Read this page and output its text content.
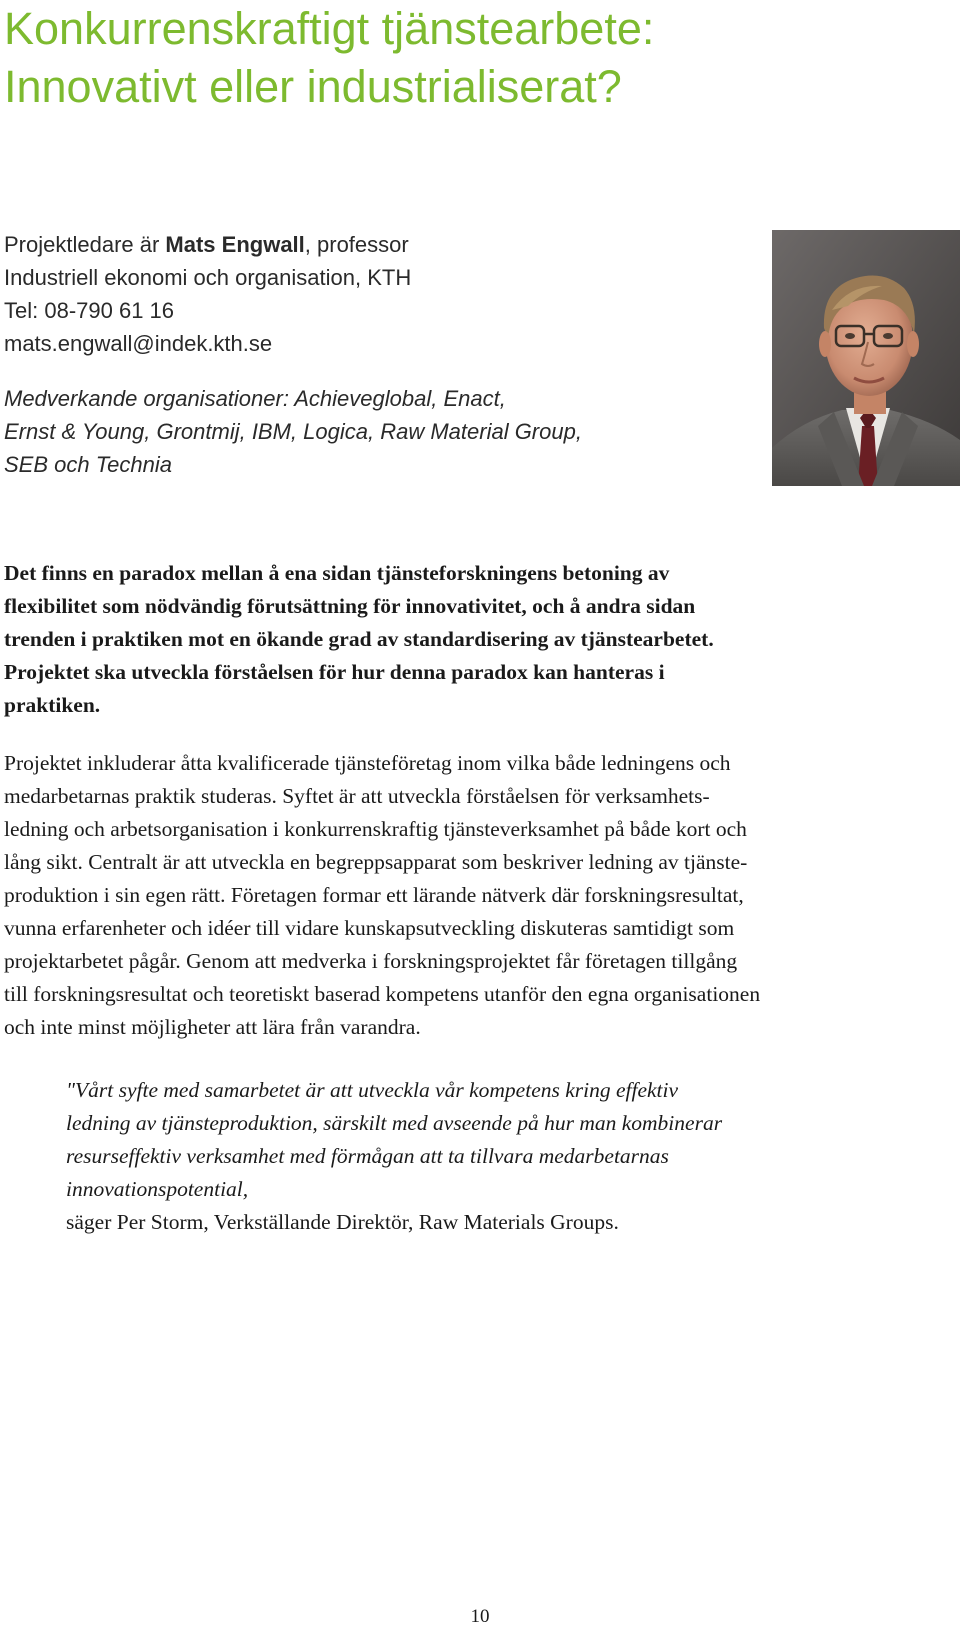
Konkurrenskraftigt tjänstearbete:
Innovativt eller industrialiserat?
Projektledare är Mats Engwall, professor
Industriell ekonomi och organisation, KTH
Tel: 08-790 61 16
mats.engwall@indek.kth.se

Medverkande organisationer: Achieveglobal, Enact,
Ernst & Young, Grontmij, IBM, Logica, Raw Material Group,
SEB och Technia

Det finns en paradox mellan å ena sidan tjänsteforskningens betoning av
flexibilitet som nödvändig förutsättning för innovativitet, och å andra sidan
trenden i praktiken mot en ökande grad av standardisering av tjänstearbetet.
Projektet ska utveckla förståelsen för hur denna paradox kan hanteras i
praktiken.

Projektet inkluderar åtta kvalificerade tjänsteföretag inom vilka både ledningens och
medarbetarnas praktik studeras. Syftet är att utveckla förståelsen för verksamhets-
ledning och arbetsorganisation i konkurrenskraftig tjänsteverksamhet på både kort och
lång sikt. Centralt är att utveckla en begreppsapparat som beskriver ledning av tjänste-
produktion i sin egen rätt. Företagen formar ett lärande nätverk där forskningsresultat,
vunna erfarenheter och idéer till vidare kunskapsutveckling diskuteras samtidigt som
projektarbetet pågår. Genom att medverka i forskningsprojektet får företagen tillgång
till forskningsresultat och teoretiskt baserad kompetens utanför den egna organisationen
och inte minst möjligheter att lära från varandra.

"Vårt syfte med samarbetet är att utveckla vår kompetens kring effektiv
ledning av tjänsteproduktion, särskilt med avseende på hur man kombinerar
resurseffektiv verksamhet med förmågan att ta tillvara medarbetarnas
innovationspotential,
säger Per Storm, Verkställande Direktör, Raw Materials Groups.
10
